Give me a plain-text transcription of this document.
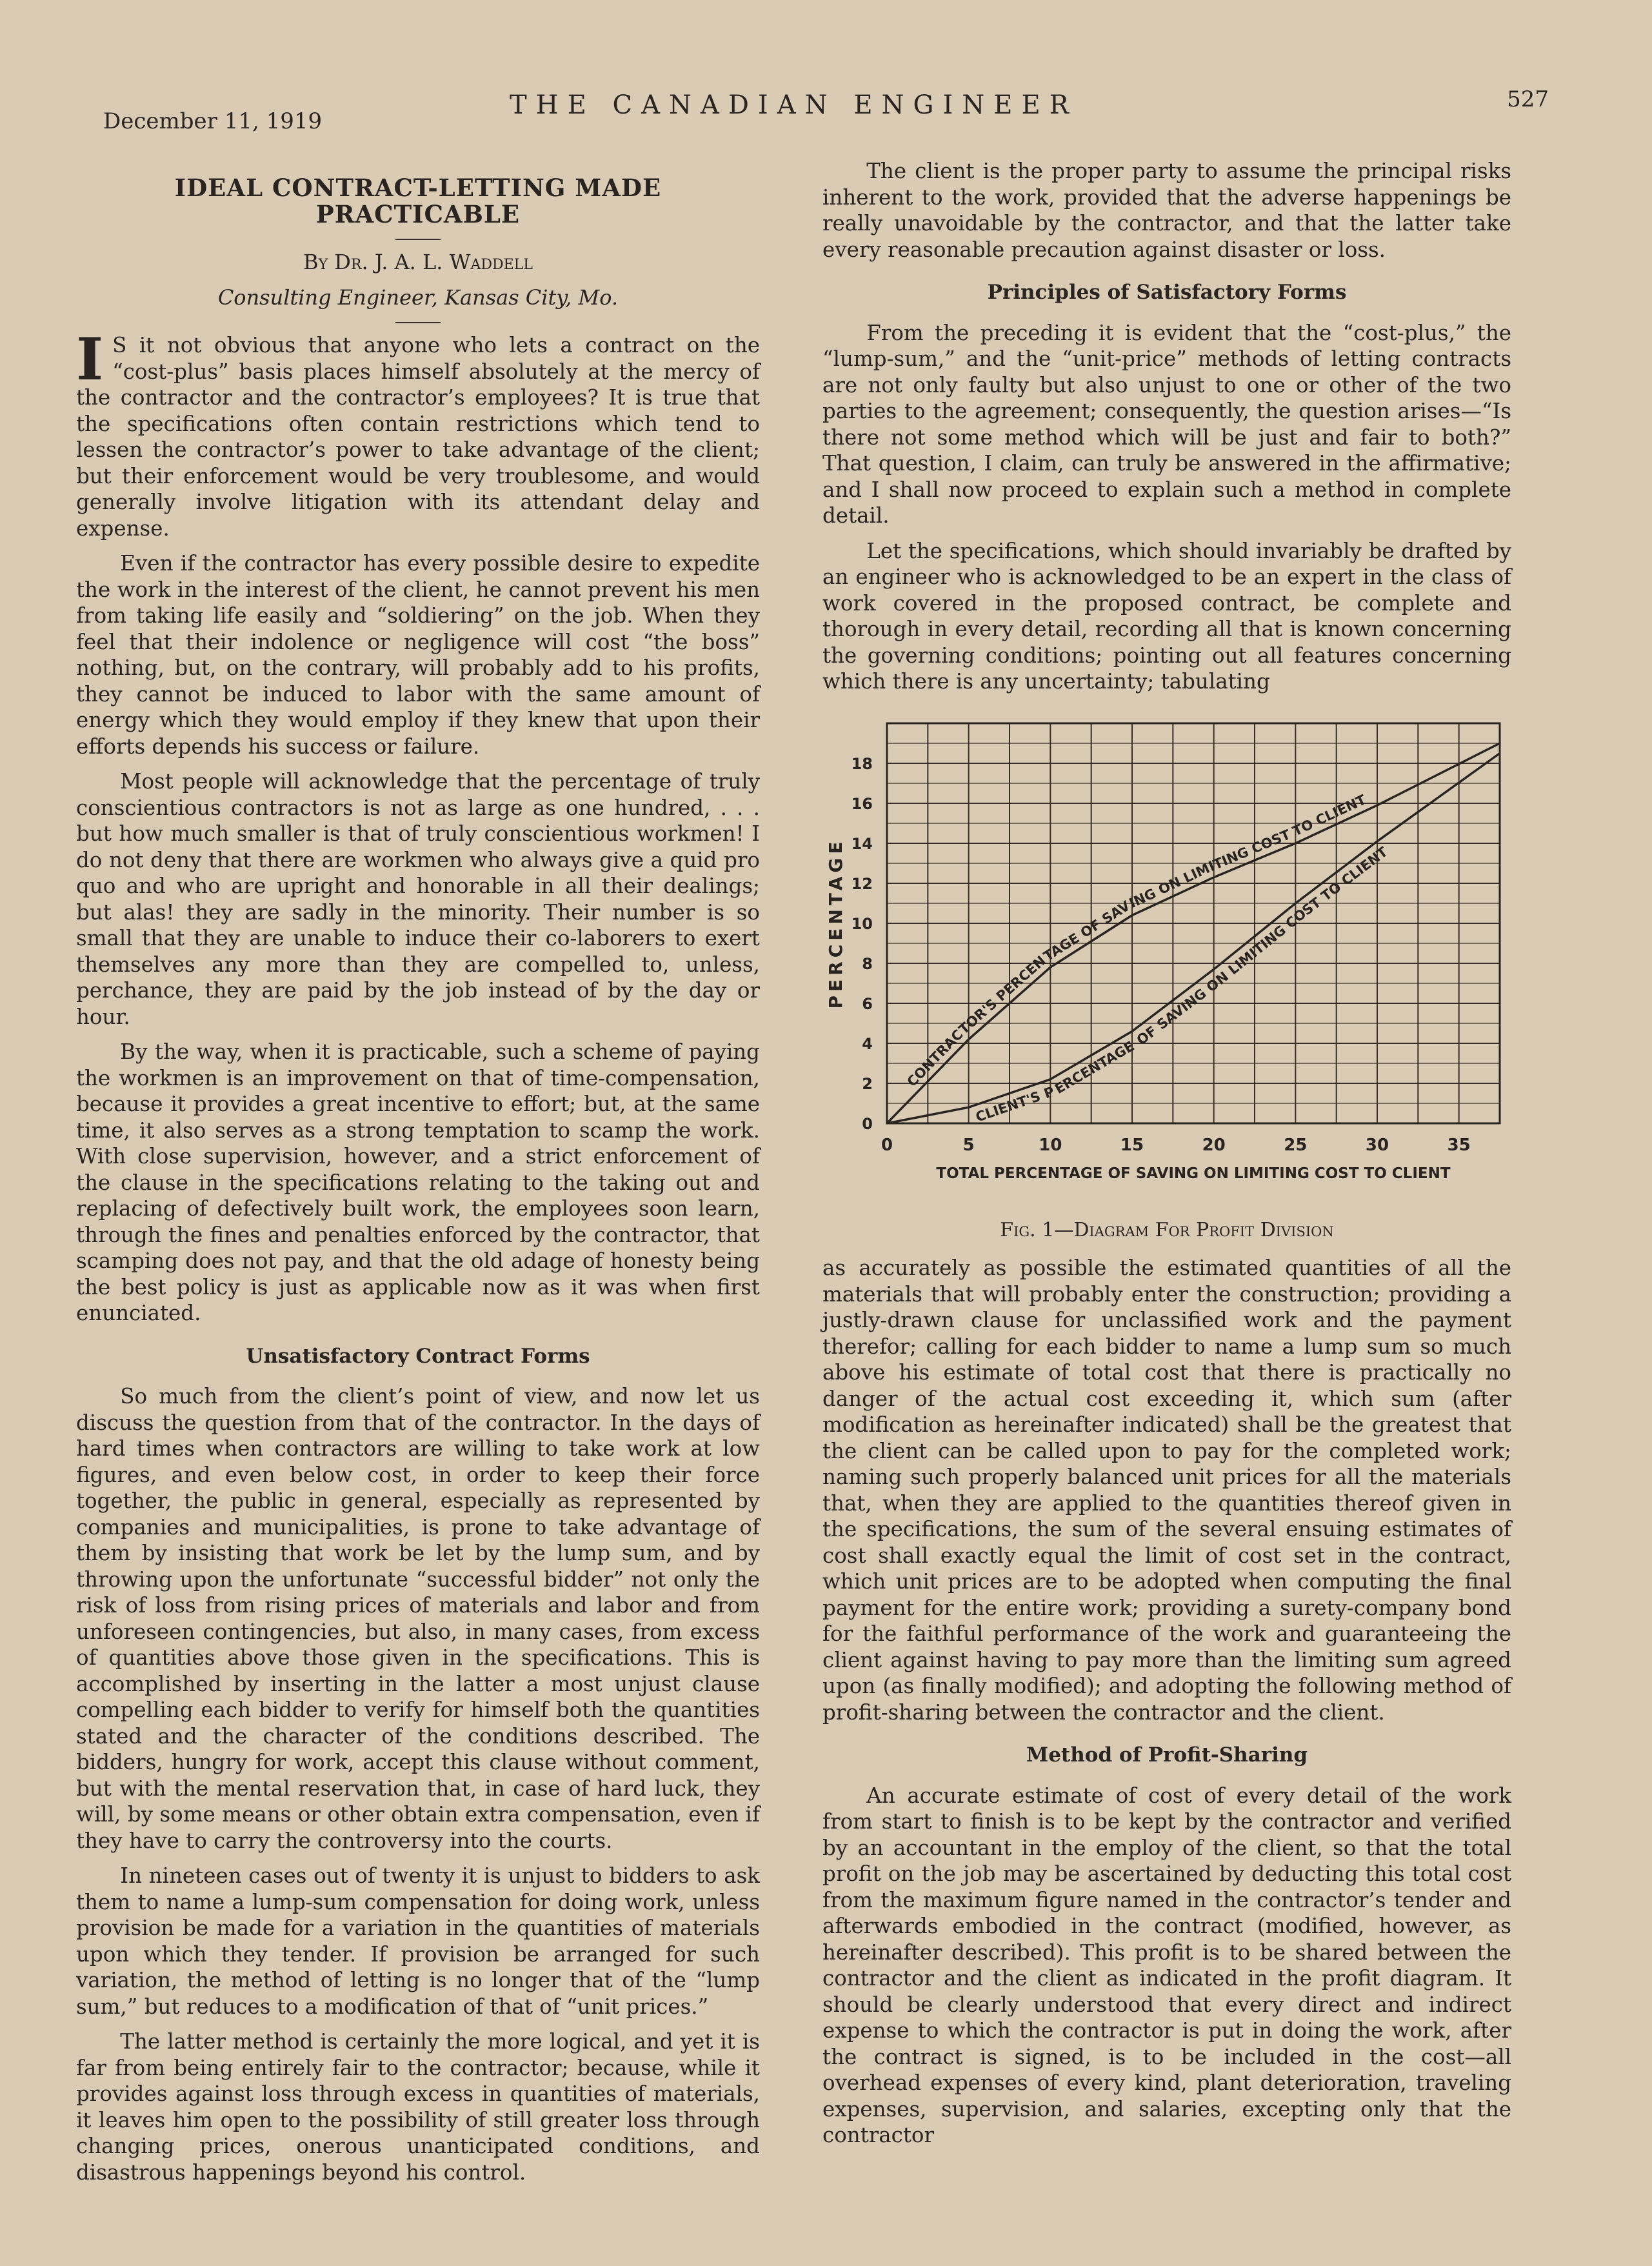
December 11, 1919
THE CANADIAN ENGINEER	527
IDEAL CONTRACT-LETTING MADE PRACTICABLE

By Dr. J. A. L. Waddell

Consulting Engineer, Kansas City, Mo.

I S it not obvious that anyone who lets a contract on the “cost-plus” basis places himself absolutely at the mercy of the contractor and the contractor’s employees? It is true that the specifications often contain restrictions which tend to lessen the contractor’s power to take advantage of the client; but their enforcement would be very troublesome, and would generally involve litigation with its attendant delay and expense.

Even if the contractor has every possible desire to expedite the work in the interest of the client, he cannot prevent his men from taking life easily and “soldiering” on the job. When they feel that their indolence or negligence will cost “the boss” nothing, but, on the contrary, will probably add to his profits, they cannot be induced to labor with the same amount of energy which they would employ if they knew that upon their efforts depends his success or failure.

Most people will acknowledge that the percentage of truly conscientious contractors is not as large as one hundred, . . . but how much smaller is that of truly conscientious workmen! I do not deny that there are workmen who always give a quid pro quo and who are upright and honorable in all their dealings; but alas! they are sadly in the minority. Their number is so small that they are unable to induce their co-laborers to exert themselves any more than they are compelled to, unless, perchance, they are paid by the job instead of by the day or hour.

By the way, when it is practicable, such a scheme of paying the workmen is an improvement on that of time-compensation, because it provides a great incentive to effort; but, at the same time, it also serves as a strong temptation to scamp the work. With close supervision, however, and a strict enforcement of the clause in the specifications relating to the taking out and replacing of defectively built work, the employees soon learn, through the fines and penalties enforced by the contractor, that scamping does not pay, and that the old adage of honesty being the best policy is just as applicable now as it was when first enunciated.

Unsatisfactory Contract Forms

So much from the client’s point of view, and now let us discuss the question from that of the contractor. In the days of hard times when contractors are willing to take work at low figures, and even below cost, in order to keep their force together, the public in general, especially as represented by companies and municipalities, is prone to take advantage of them by insisting that work be let by the lump sum, and by throwing upon the unfortunate “successful bidder” not only the risk of loss from rising prices of materials and labor and from unforeseen contingencies, but also, in many cases, from excess of quantities above those given in the specifications. This is accomplished by inserting in the latter a most unjust clause compelling each bidder to verify for himself both the quantities stated and the character of the conditions described. The bidders, hungry for work, accept this clause without comment, but with the mental reservation that, in case of hard luck, they will, by some means or other obtain extra compensation, even if they have to carry the controversy into the courts.

In nineteen cases out of twenty it is unjust to bidders to ask them to name a lump-sum compensation for doing work, unless provision be made for a variation in the quantities of materials upon which they tender. If provision be arranged for such variation, the method of letting is no longer that of the “lump sum,” but reduces to a modification of that of “unit prices.”

The latter method is certainly the more logical, and yet it is far from being entirely fair to the contractor; because, while it provides against loss through excess in quantities of materials, it leaves him open to the possibility of still greater loss through changing prices, onerous unanticipated conditions, and disastrous happenings beyond his control.

The client is the proper party to assume the principal risks inherent to the work, provided that the adverse happenings be really unavoidable by the contractor, and that the latter take every reasonable precaution against disaster or loss.

Principles of Satisfactory Forms

From the preceding it is evident that the “cost-plus,” the “lump-sum,” and the “unit-price” methods of letting contracts are not only faulty but also unjust to one or other of the two parties to the agreement; consequently, the question arises—“Is there not some method which will be just and fair to both?” That question, I claim, can truly be answered in the affirmative; and I shall now proceed to explain such a method in complete detail.

Let the specifications, which should invariably be drafted by an engineer who is acknowledged to be an expert in the class of work covered in the proposed contract, be complete and thorough in every detail, recording all that is known concerning the governing conditions; pointing out all features concerning which there is any uncertainty; tabulating

0	5	10	15	20	25	30	35
0
2
4
6
8
10
12
14
16
18
TOTAL PERCENTAGE OF SAVING ON LIMITING COST TO CLIENT
PERCENTAGE
CONTRACTOR'S PERCENTAGE OF SAVING ON LIMITING COST TO CLIENT
CLIENT'S PERCENTAGE OF SAVING ON LIMITING COST TO CLIENT
Fig. 1—Diagram For Profit Division

as accurately as possible the estimated quantities of all the materials that will probably enter the construction; providing a justly-drawn clause for unclassified work and the payment therefor; calling for each bidder to name a lump sum so much above his estimate of total cost that there is practically no danger of the actual cost exceeding it, which sum (after modification as hereinafter indicated) shall be the greatest that the client can be called upon to pay for the completed work; naming such properly balanced unit prices for all the materials that, when they are applied to the quantities thereof given in the specifications, the sum of the several ensuing estimates of cost shall exactly equal the limit of cost set in the contract, which unit prices are to be adopted when computing the final payment for the entire work; providing a surety-company bond for the faithful performance of the work and guaranteeing the client against having to pay more than the limiting sum agreed upon (as finally modified); and adopting the following method of profit-sharing between the contractor and the client.

Method of Profit-Sharing

An accurate estimate of cost of every detail of the work from start to finish is to be kept by the contractor and verified by an accountant in the employ of the client, so that the total profit on the job may be ascertained by deducting this total cost from the maximum figure named in the contractor’s tender and afterwards embodied in the contract (modified, however, as hereinafter described). This profit is to be shared between the contractor and the client as indicated in the profit diagram. It should be clearly understood that every direct and indirect expense to which the contractor is put in doing the work, after the contract is signed, is to be included in the cost—all overhead expenses of every kind, plant deterioration, traveling expenses, supervision, and salaries, excepting only that the contractor
